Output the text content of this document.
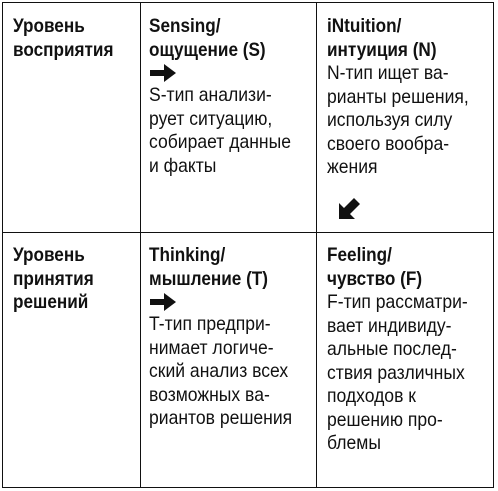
Уровень
восприятия
Sensing/
ощущение (S)
S-тип анализи-
рует ситуацию,
собирает данные
и факты
iNtuition/
интуиция (N)
N-тип ищет ва-
рианты решения,
используя силу
своего вообра-
жения
Уровень
принятия
решений
Thinking/
мышление (T)
T-тип предпри-
нимает логиче-
ский анализ всех
возможных ва-
риантов решения
Feeling/
чувство (F)
F-тип рассматри-
вает индивиду-
альные послед-
ствия различных
подходов к
решению про-
блемы
